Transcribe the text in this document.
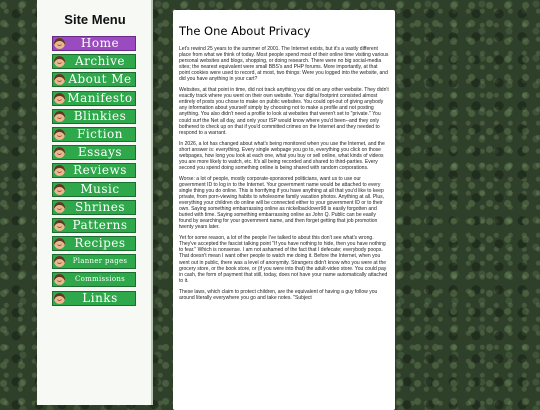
Site Menu
Home
Archive
About Me
Manifesto
Blinkies
Fiction
Essays
Reviews
Music
Shrines
Patterns
Recipes
Planner pages
Commissions
Links
The One About Privacy

Let's rewind 25 years to the summer of 2001. The Internet exists, but it's a vastly different place from what we think of today. Most people spend most of their online time visiting various personal websites and blogs, shopping, or doing research. There were no big social-media sites; the nearest equivalent were small BBS's and PHP forums. More importantly, at that point cookies were used to record, at most, two things: Were you logged into the website, and did you have anything in your cart?

Websites, at that point in time, did not track anything you did on any other website. They didn't exactly track where you went on their own website. Your digital footprint consisted almost entirely of posts you chose to make on public websites. You could opt-out of giving anybody any information about yourself simply by choosing not to make a profile and not posting anything. You also didn't need a profile to look at websites that weren't set to "private." You could surf the Net all day, and only your ISP would know where you'd been--and they only bothered to check up on that if you'd committed crimes on the Internet and they needed to respond to a warrant.

In 2026, a lot has changed about what's being monitored when you use the Internet, and the short answer is: everything. Every single webpage you go to, everything you click on those webpages, how long you look at each one, what you buy or sell online, what kinds of videos you are more likely to watch, etc. It's all being recorded and shared to third-parties. Every second you spend doing something online is being shared with random corporations.

Worse: a lot of people, mostly corporate-sponsored politicians, want us to use our government ID to log in to the Internet. Your government name would be attached to every single thing you do online. This is horrifying if you have anything at all that you'd like to keep private, from porn-viewing habits to wholesome family vacation photos. Anything at all. Plus, everything your children do online will be connected either to your government ID or to their own. Saying something embarrassing online as nickelbacklover98 is easily forgotten and buried with time. Saying something embarrassing online as John Q. Public can be easily found by searching for your government name, and then forget getting that job promotion twenty years later.

Yet for some reason, a lot of the people I've talked to about this don't see what's wrong. They've accepted the fascist talking point "If you have nothing to hide, then you have nothing to fear." Which is nonsense. I am not ashamed of the fact that I defecate; everybody poops. That doesn't mean I want other people to watch me doing it. Before the Internet, when you went out in public, there was a level of anonymity. Strangers didn't know who you were at the grocery store, or the book store, or (if you were into that) the adult-video store. You could pay in cash, the form of payment that still, today, does not have your name automatically attached to it.

These laws, which claim to protect children, are the equivalent of having a guy follow you around literally everywhere you go and take notes. "Subject
